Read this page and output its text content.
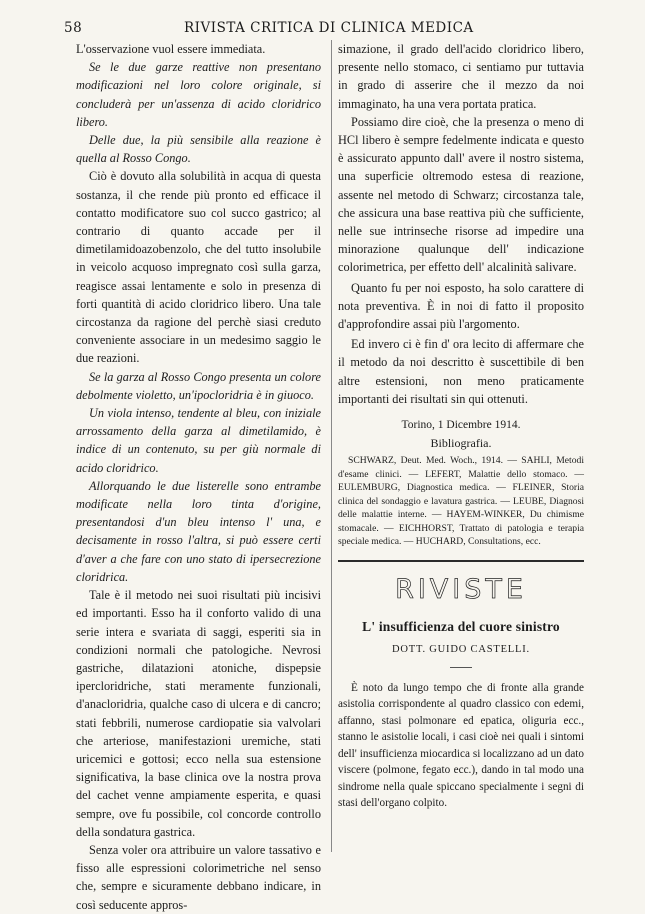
58	RIVISTA CRITICA DI CLINICA MEDICA

L'osservazione vuol essere immediata.

Se le due garze reattive non presentano modificazioni nel loro colore originale, si concluderà per un'assenza di acido cloridrico libero.

Delle due, la più sensibile alla reazione è quella al Rosso Congo.

Ciò è dovuto alla solubilità in acqua di questa sostanza, il che rende più pronto ed efficace il contatto modificatore suo col succo gastrico; al contrario di quanto accade per il dimetilamidoazobenzolo, che del tutto insolubile in veicolo acquoso impregnato così sulla garza, reagisce assai lentamente e solo in presenza di forti quantità di acido cloridrico libero. Una tale circostanza da ragione del perchè siasi creduto conveniente associare in un medesimo saggio le due reazioni.

Se la garza al Rosso Congo presenta un colore debolmente violetto, un'ipocloridria è in giuoco.

Un viola intenso, tendente al bleu, con iniziale arrossamento della garza al dimetilamido, è indice di un contenuto, su per giù normale di acido cloridrico.

Allorquando le due listerelle sono entrambe modificate nella loro tinta d'origine, presentandosi d'un bleu intenso l' una, e decisamente in rosso l'altra, si può essere certi d'aver a che fare con uno stato di ipersecrezione cloridrica.

Tale è il metodo nei suoi risultati più incisivi ed importanti. Esso ha il conforto valido di una serie intera e svariata di saggi, esperiti sia in condizioni normali che patologiche. Nevrosi gastriche, dilatazioni atoniche, dispepsie ipercloridriche, stati meramente funzionali, d'anacloridria, qualche caso di ulcera e di cancro; stati febbrili, numerose cardiopatie sia valvolari che arteriose, manifestazioni uremiche, stati uricemici e gottosi; ecco nella sua estensione significativa, la base clinica ove la nostra prova del cachet venne ampiamente esperita, e quasi sempre, ove fu possibile, col concorde controllo della sondatura gastrica.

Senza voler ora attribuire un valore tassativo e fisso alle espressioni colorimetriche nel senso che, sempre e sicuramente debbano indicare, in così seducente appros-

simazione, il grado dell'acido cloridrico libero, presente nello stomaco, ci sentiamo pur tuttavia in grado di asserire che il mezzo da noi immaginato, ha una vera portata pratica.

Possiamo dire cioè, che la presenza o meno di HCl libero è sempre fedelmente indicata e questo è assicurato appunto dall' avere il nostro sistema, una superficie oltremodo estesa di reazione, assente nel metodo di Schwarz; circostanza tale, che assicura una base reattiva più che sufficiente, nelle sue intrinseche risorse ad impedire una minorazione qualunque dell' indicazione colorimetrica, per effetto dell' alcalinità salivare.

Quanto fu per noi esposto, ha solo carattere di nota preventiva. È in noi di fatto il proposito d'approfondire assai più l'argomento.

Ed invero ci è fin d' ora lecito di affermare che il metodo da noi descritto è suscettibile di ben altre estensioni, non meno praticamente importanti dei risultati sin qui ottenuti.

Torino, 1 Dicembre 1914.

Bibliografia.

SCHWARZ, Deut. Med. Woch., 1914. — SAHLI, Metodi d'esame clinici. — LEFERT, Malattie dello stomaco. — EULEMBURG, Diagnostica medica. — FLEINER, Storia clinica del sondaggio e lavatura gastrica. — LEUBE, Diagnosi delle malattie interne. — HAYEM-WINKER, Du chimisme stomacale. — EICHHORST, Trattato di patologia e terapia speciale medica. — HUCHARD, Consultations, ecc.

RIVISTE
L' insufficienza del cuore sinistro
DOTT. GUIDO CASTELLI.

È noto da lungo tempo che di fronte alla grande asistolia corrispondente al quadro classico con edemi, affanno, stasi polmonare ed epatica, oliguria ecc., stanno le asistolie locali, i casi cioè nei quali i sintomi dell' insufficienza miocardica si localizzano ad un dato viscere (polmone, fegato ecc.), dando in tal modo una sindrome nella quale spiccano specialmente i segni di stasi dell'organo colpito.
